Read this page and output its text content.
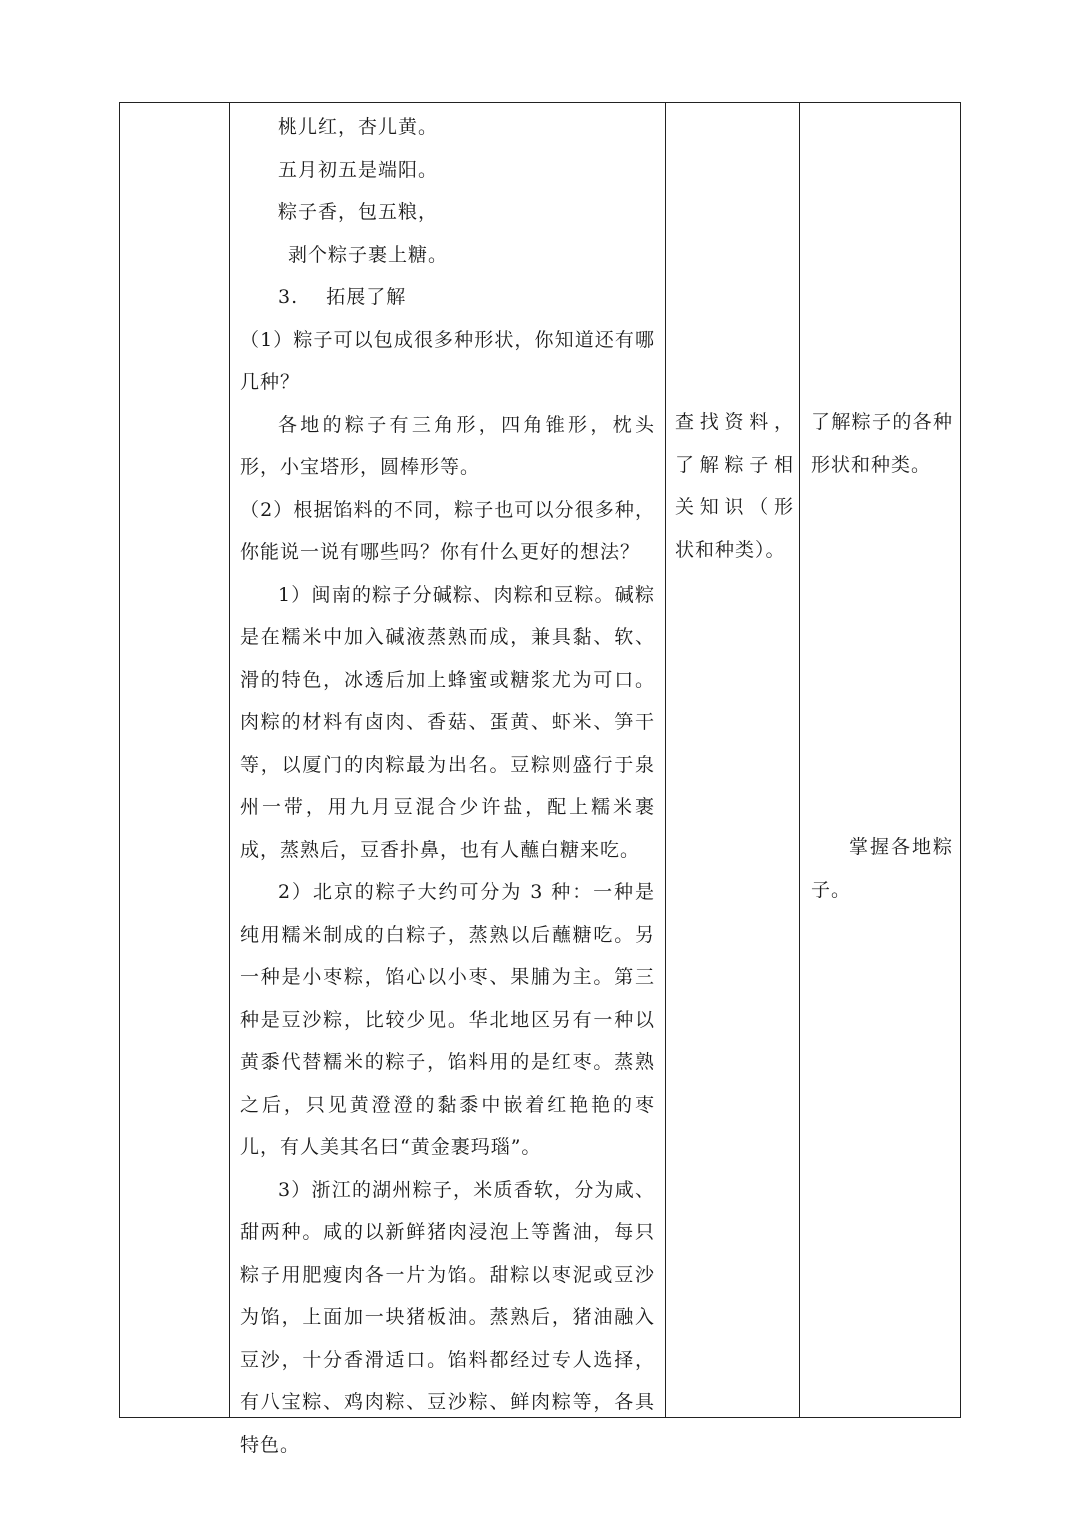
桃儿红，杏儿黄。

五月初五是端阳。

粽子香，包五粮，

剥个粽子裹上糖。

3.    拓展了解

（1）粽子可以包成很多种形状，你知道还有哪几种？

各地的粽子有三角形，四角锥形，枕头形，小宝塔形，圆棒形等。

（2）根据馅料的不同，粽子也可以分很多种，你能说一说有哪些吗？你有什么更好的想法？

1）闽南的粽子分碱粽、肉粽和豆粽。碱粽是在糯米中加入碱液蒸熟而成，兼具黏、软、滑的特色，冰透后加上蜂蜜或糖浆尤为可口。肉粽的材料有卤肉、香菇、蛋黄、虾米、笋干等，以厦门的肉粽最为出名。豆粽则盛行于泉州一带，用九月豆混合少许盐，配上糯米裹成，蒸熟后，豆香扑鼻，也有人蘸白糖来吃。

2）北京的粽子大约可分为 3 种：一种是纯用糯米制成的白粽子，蒸熟以后蘸糖吃。另一种是小枣粽，馅心以小枣、果脯为主。第三种是豆沙粽，比较少见。华北地区另有一种以黄黍代替糯米的粽子，馅料用的是红枣。蒸熟之后，只见黄澄澄的黏黍中嵌着红艳艳的枣儿，有人美其名曰“黄金裹玛瑙”。

3）浙江的湖州粽子，米质香软，分为咸、甜两种。咸的以新鲜猪肉浸泡上等酱油，每只粽子用肥瘦肉各一片为馅。甜粽以枣泥或豆沙为馅，上面加一块猪板油。蒸熟后，猪油融入豆沙，十分香滑适口。馅料都经过专人选择，有八宝粽、鸡肉粽、豆沙粽、鲜肉粽等，各具特色。

查找资料，了解粽子相关知识（形状和种类）。

了解粽子的各种形状和种类。

掌握各地粽子。
